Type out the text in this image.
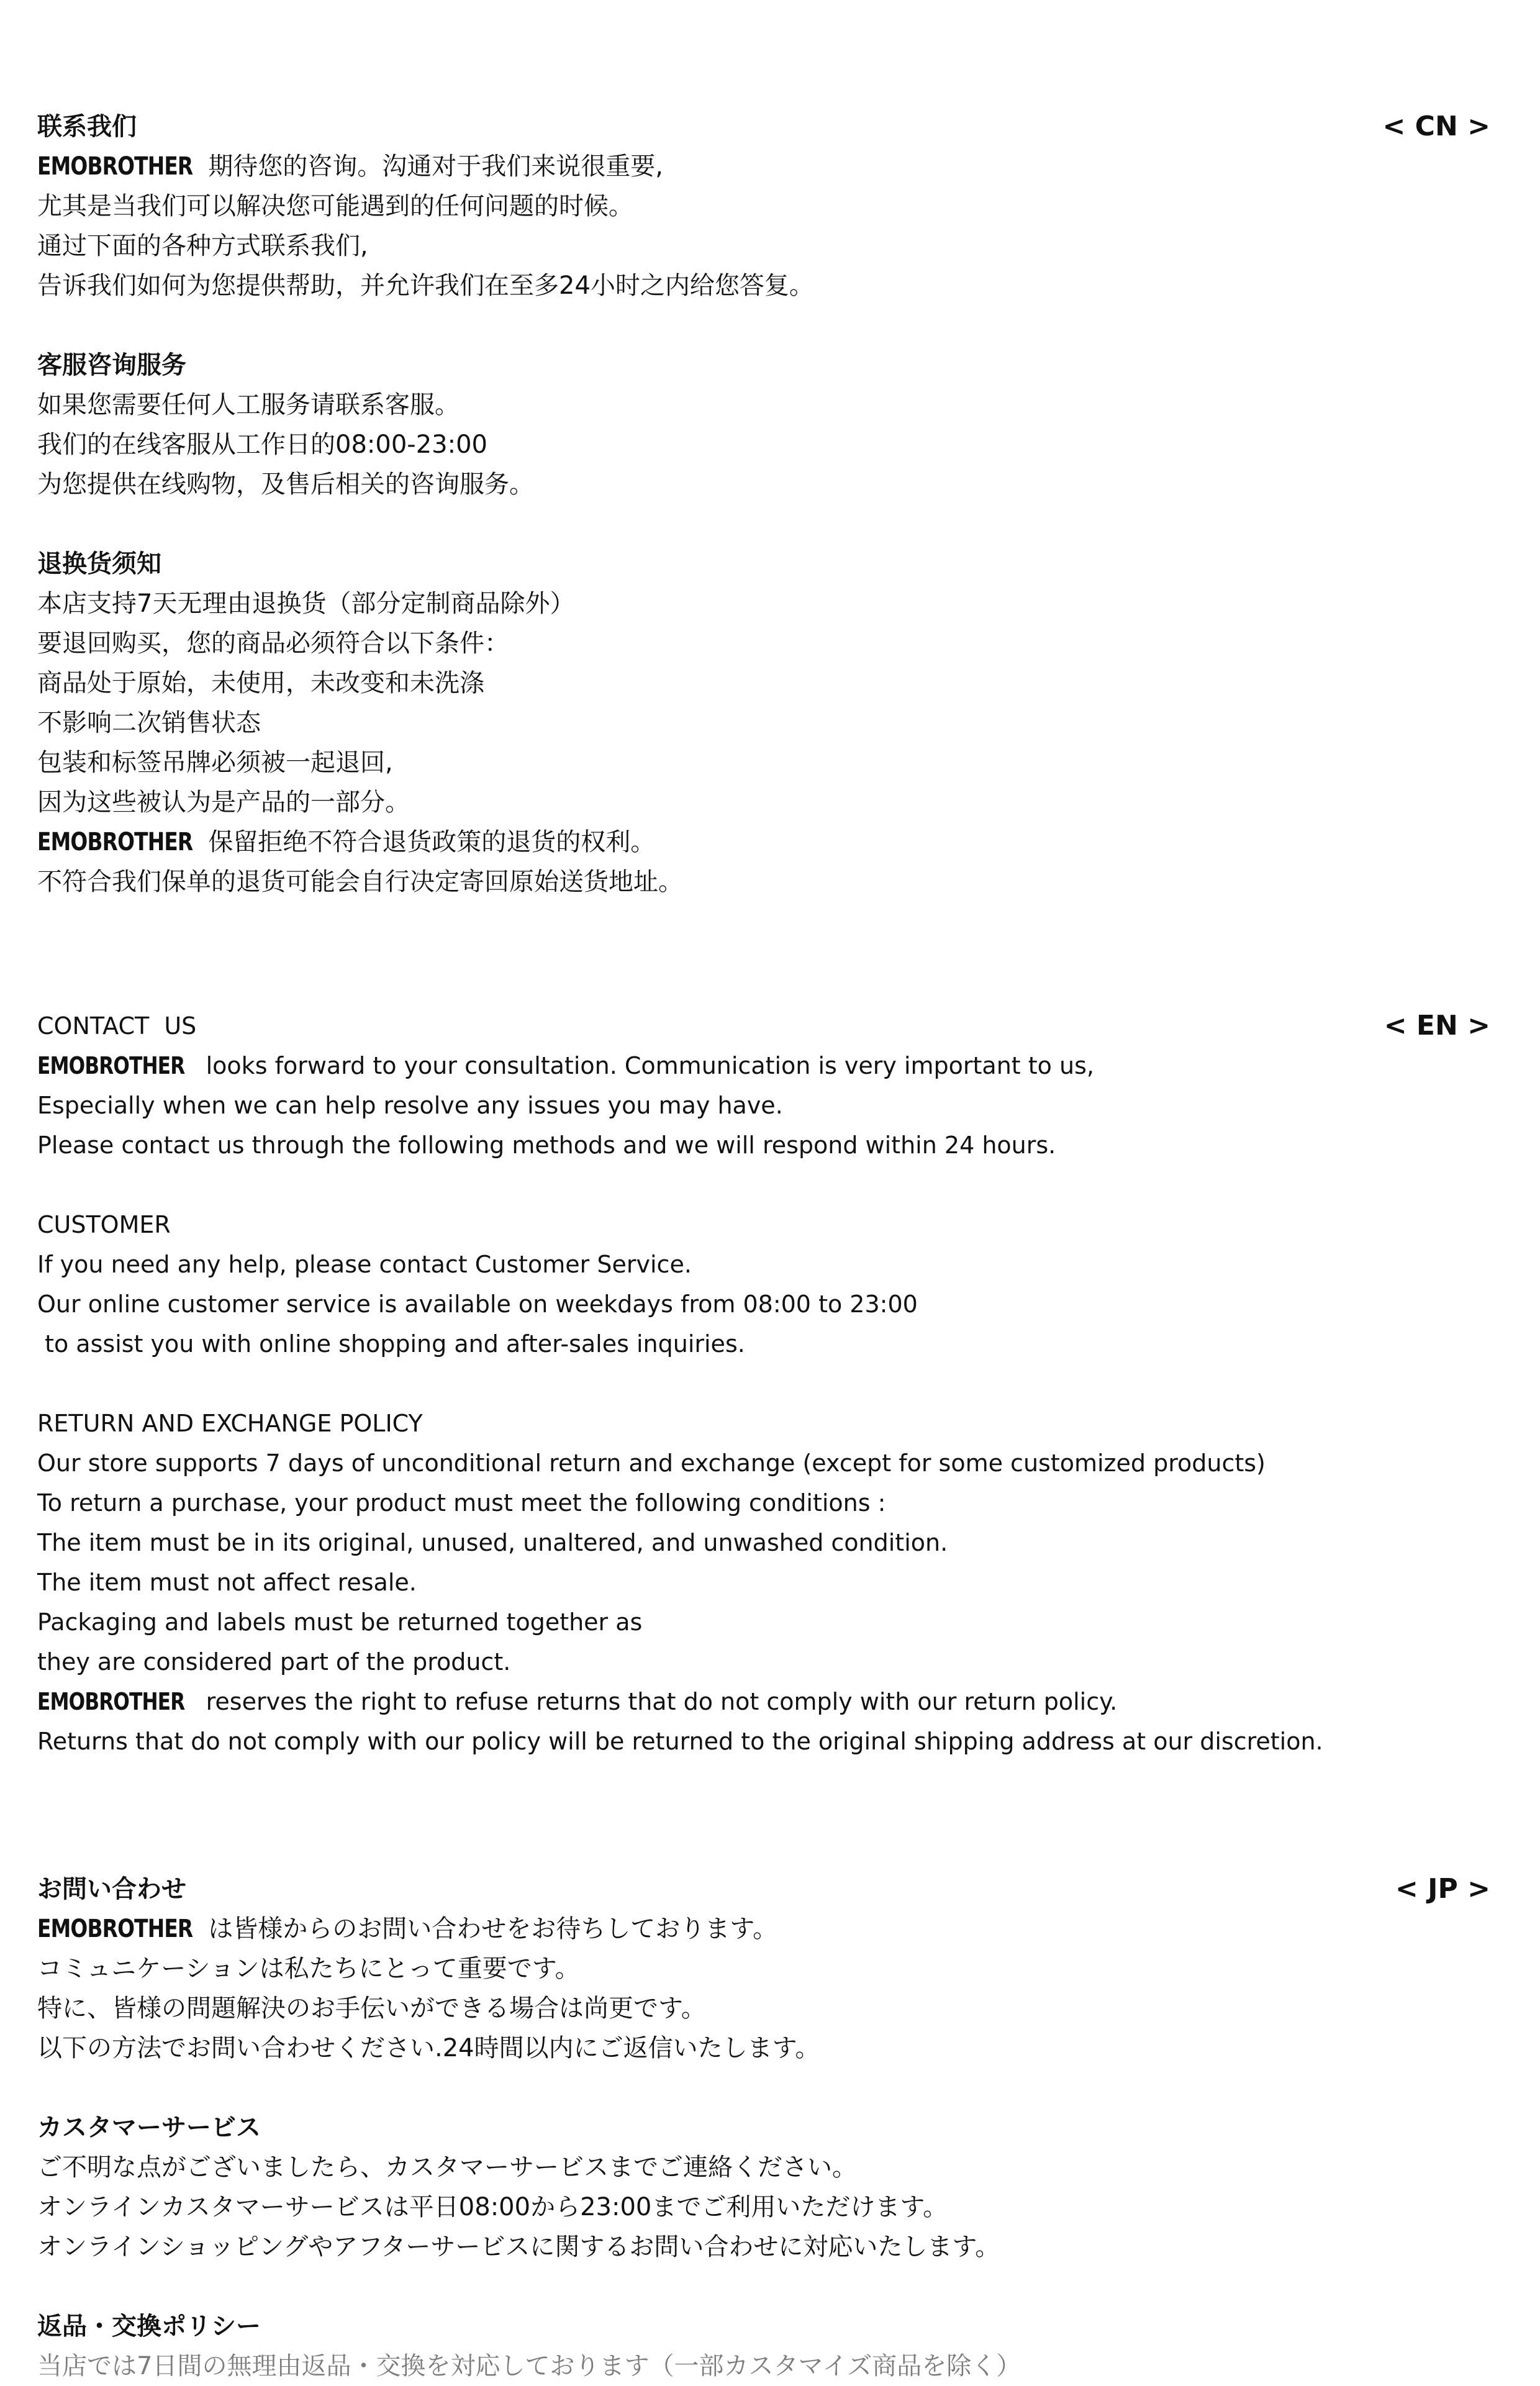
< CN >
联系我们
EMOBROTHER 期待您的咨询。沟通对于我们来说很重要,
尤其是当我们可以解决您可能遇到的任何问题的时候。
通过下面的各种方式联系我们,
告诉我们如何为您提供帮助，并允许我们在至多24小时之内给您答复。
客服咨询服务
如果您需要任何人工服务请联系客服。
我们的在线客服从工作日的08:00-23:00
为您提供在线购物，及售后相关的咨询服务。
退换货须知
本店支持7天无理由退换货（部分定制商品除外）
要退回购买，您的商品必须符合以下条件：
商品处于原始，未使用，未改变和未洗涤
不影响二次销售状态
包装和标签吊牌必须被一起退回,
因为这些被认为是产品的一部分。
EMOBROTHER 保留拒绝不符合退货政策的退货的权利。
不符合我们保单的退货可能会自行决定寄回原始送货地址。
< EN >
CONTACT  US
EMOBROTHER looks forward to your consultation. Communication is very important to us,
Especially when we can help resolve any issues you may have.
Please contact us through the following methods and we will respond within 24 hours.
CUSTOMER
If you need any help, please contact Customer Service.
Our online customer service is available on weekdays from 08:00 to 23:00
to assist you with online shopping and after-sales inquiries.
RETURN AND EXCHANGE POLICY
Our store supports 7 days of unconditional return and exchange (except for some customized products)
To return a purchase, your product must meet the following conditions :
The item must be in its original, unused, unaltered, and unwashed condition.
The item must not affect resale.
Packaging and labels must be returned together as
they are considered part of the product.
EMOBROTHER reserves the right to refuse returns that do not comply with our return policy.
Returns that do not comply with our policy will be returned to the original shipping address at our discretion.
< JP >
お問い合わせ
EMOBROTHER は皆様からのお問い合わせをお待ちしております。
コミュニケーションは私たちにとって重要です。
特に、皆様の問題解決のお手伝いができる場合は尚更です。
以下の方法でお問い合わせください.24時間以内にご返信いたします。
カスタマーサービス
ご不明な点がございましたら、カスタマーサービスまでご連絡ください。
オンラインカスタマーサービスは平日08:00から23:00までご利用いただけます。
オンラインショッピングやアフターサービスに関するお問い合わせに対応いたします。
返品・交換ポリシー
当店では7日間の無理由返品・交換を対応しております（一部カスタマイズ商品を除く）
